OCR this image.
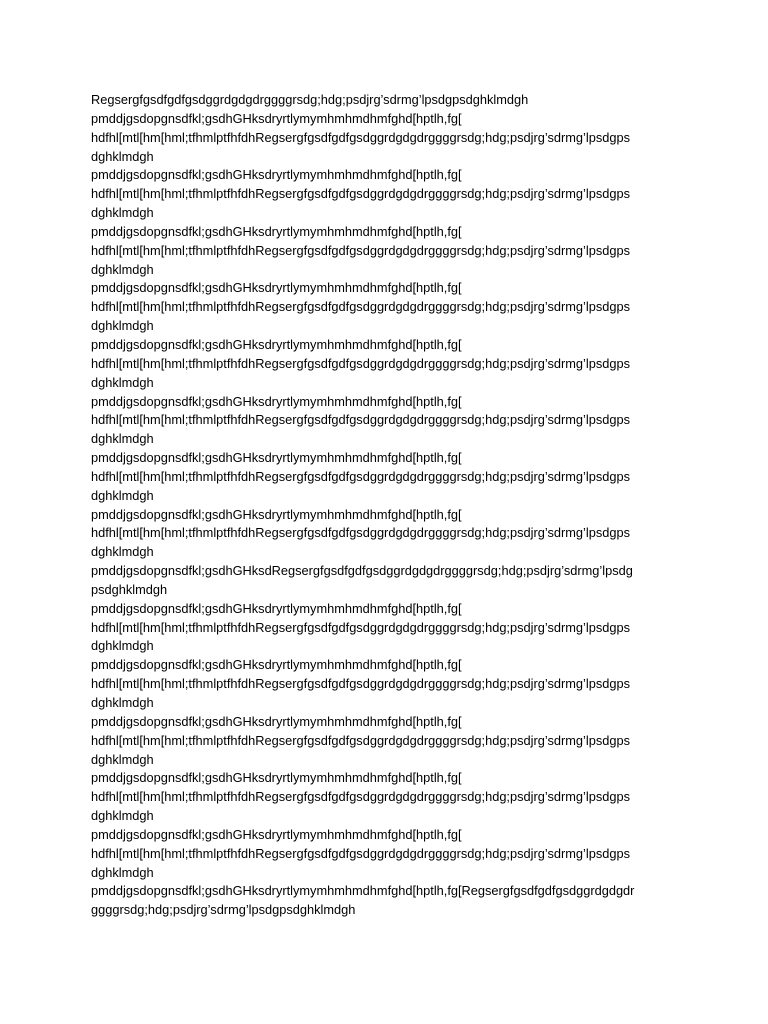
Regsergfgsdfgdfgsdggrdgdgdrggggrsdg;hdg;psdjrg’sdrmg’lpsdgpsdghklmdgh
pmddjgsdopgnsdfkl;gsdhGHksdryrtlymymhmhmdhmfghd[hptlh,fg[
hdfhl[mtl[hm[hml;tfhmlptfhfdhRegsergfgsdfgdfgsdggrdgdgdrggggrsdg;hdg;psdjrg’sdrmg’lpsdgps
dghklmdgh
pmddjgsdopgnsdfkl;gsdhGHksdryrtlymymhmhmdhmfghd[hptlh,fg[
hdfhl[mtl[hm[hml;tfhmlptfhfdhRegsergfgsdfgdfgsdggrdgdgdrggggrsdg;hdg;psdjrg’sdrmg’lpsdgps
dghklmdgh
pmddjgsdopgnsdfkl;gsdhGHksdryrtlymymhmhmdhmfghd[hptlh,fg[
hdfhl[mtl[hm[hml;tfhmlptfhfdhRegsergfgsdfgdfgsdggrdgdgdrggggrsdg;hdg;psdjrg’sdrmg’lpsdgps
dghklmdgh
pmddjgsdopgnsdfkl;gsdhGHksdryrtlymymhmhmdhmfghd[hptlh,fg[
hdfhl[mtl[hm[hml;tfhmlptfhfdhRegsergfgsdfgdfgsdggrdgdgdrggggrsdg;hdg;psdjrg’sdrmg’lpsdgps
dghklmdgh
pmddjgsdopgnsdfkl;gsdhGHksdryrtlymymhmhmdhmfghd[hptlh,fg[
hdfhl[mtl[hm[hml;tfhmlptfhfdhRegsergfgsdfgdfgsdggrdgdgdrggggrsdg;hdg;psdjrg’sdrmg’lpsdgps
dghklmdgh
pmddjgsdopgnsdfkl;gsdhGHksdryrtlymymhmhmdhmfghd[hptlh,fg[
hdfhl[mtl[hm[hml;tfhmlptfhfdhRegsergfgsdfgdfgsdggrdgdgdrggggrsdg;hdg;psdjrg’sdrmg’lpsdgps
dghklmdgh
pmddjgsdopgnsdfkl;gsdhGHksdryrtlymymhmhmdhmfghd[hptlh,fg[
hdfhl[mtl[hm[hml;tfhmlptfhfdhRegsergfgsdfgdfgsdggrdgdgdrggggrsdg;hdg;psdjrg’sdrmg’lpsdgps
dghklmdgh
pmddjgsdopgnsdfkl;gsdhGHksdryrtlymymhmhmdhmfghd[hptlh,fg[
hdfhl[mtl[hm[hml;tfhmlptfhfdhRegsergfgsdfgdfgsdggrdgdgdrggggrsdg;hdg;psdjrg’sdrmg’lpsdgps
dghklmdgh
pmddjgsdopgnsdfkl;gsdhGHksdRegsergfgsdfgdfgsdggrdgdgdrggggrsdg;hdg;psdjrg’sdrmg’lpsdg
psdghklmdgh
pmddjgsdopgnsdfkl;gsdhGHksdryrtlymymhmhmdhmfghd[hptlh,fg[
hdfhl[mtl[hm[hml;tfhmlptfhfdhRegsergfgsdfgdfgsdggrdgdgdrggggrsdg;hdg;psdjrg’sdrmg’lpsdgps
dghklmdgh
pmddjgsdopgnsdfkl;gsdhGHksdryrtlymymhmhmdhmfghd[hptlh,fg[
hdfhl[mtl[hm[hml;tfhmlptfhfdhRegsergfgsdfgdfgsdggrdgdgdrggggrsdg;hdg;psdjrg’sdrmg’lpsdgps
dghklmdgh
pmddjgsdopgnsdfkl;gsdhGHksdryrtlymymhmhmdhmfghd[hptlh,fg[
hdfhl[mtl[hm[hml;tfhmlptfhfdhRegsergfgsdfgdfgsdggrdgdgdrggggrsdg;hdg;psdjrg’sdrmg’lpsdgps
dghklmdgh
pmddjgsdopgnsdfkl;gsdhGHksdryrtlymymhmhmdhmfghd[hptlh,fg[
hdfhl[mtl[hm[hml;tfhmlptfhfdhRegsergfgsdfgdfgsdggrdgdgdrggggrsdg;hdg;psdjrg’sdrmg’lpsdgps
dghklmdgh
pmddjgsdopgnsdfkl;gsdhGHksdryrtlymymhmhmdhmfghd[hptlh,fg[
hdfhl[mtl[hm[hml;tfhmlptfhfdhRegsergfgsdfgdfgsdggrdgdgdrggggrsdg;hdg;psdjrg’sdrmg’lpsdgps
dghklmdgh
pmddjgsdopgnsdfkl;gsdhGHksdryrtlymymhmhmdhmfghd[hptlh,fg[Regsergfgsdfgdfgsdggrdgdgdr
ggggrsdg;hdg;psdjrg’sdrmg’lpsdgpsdghklmdgh
